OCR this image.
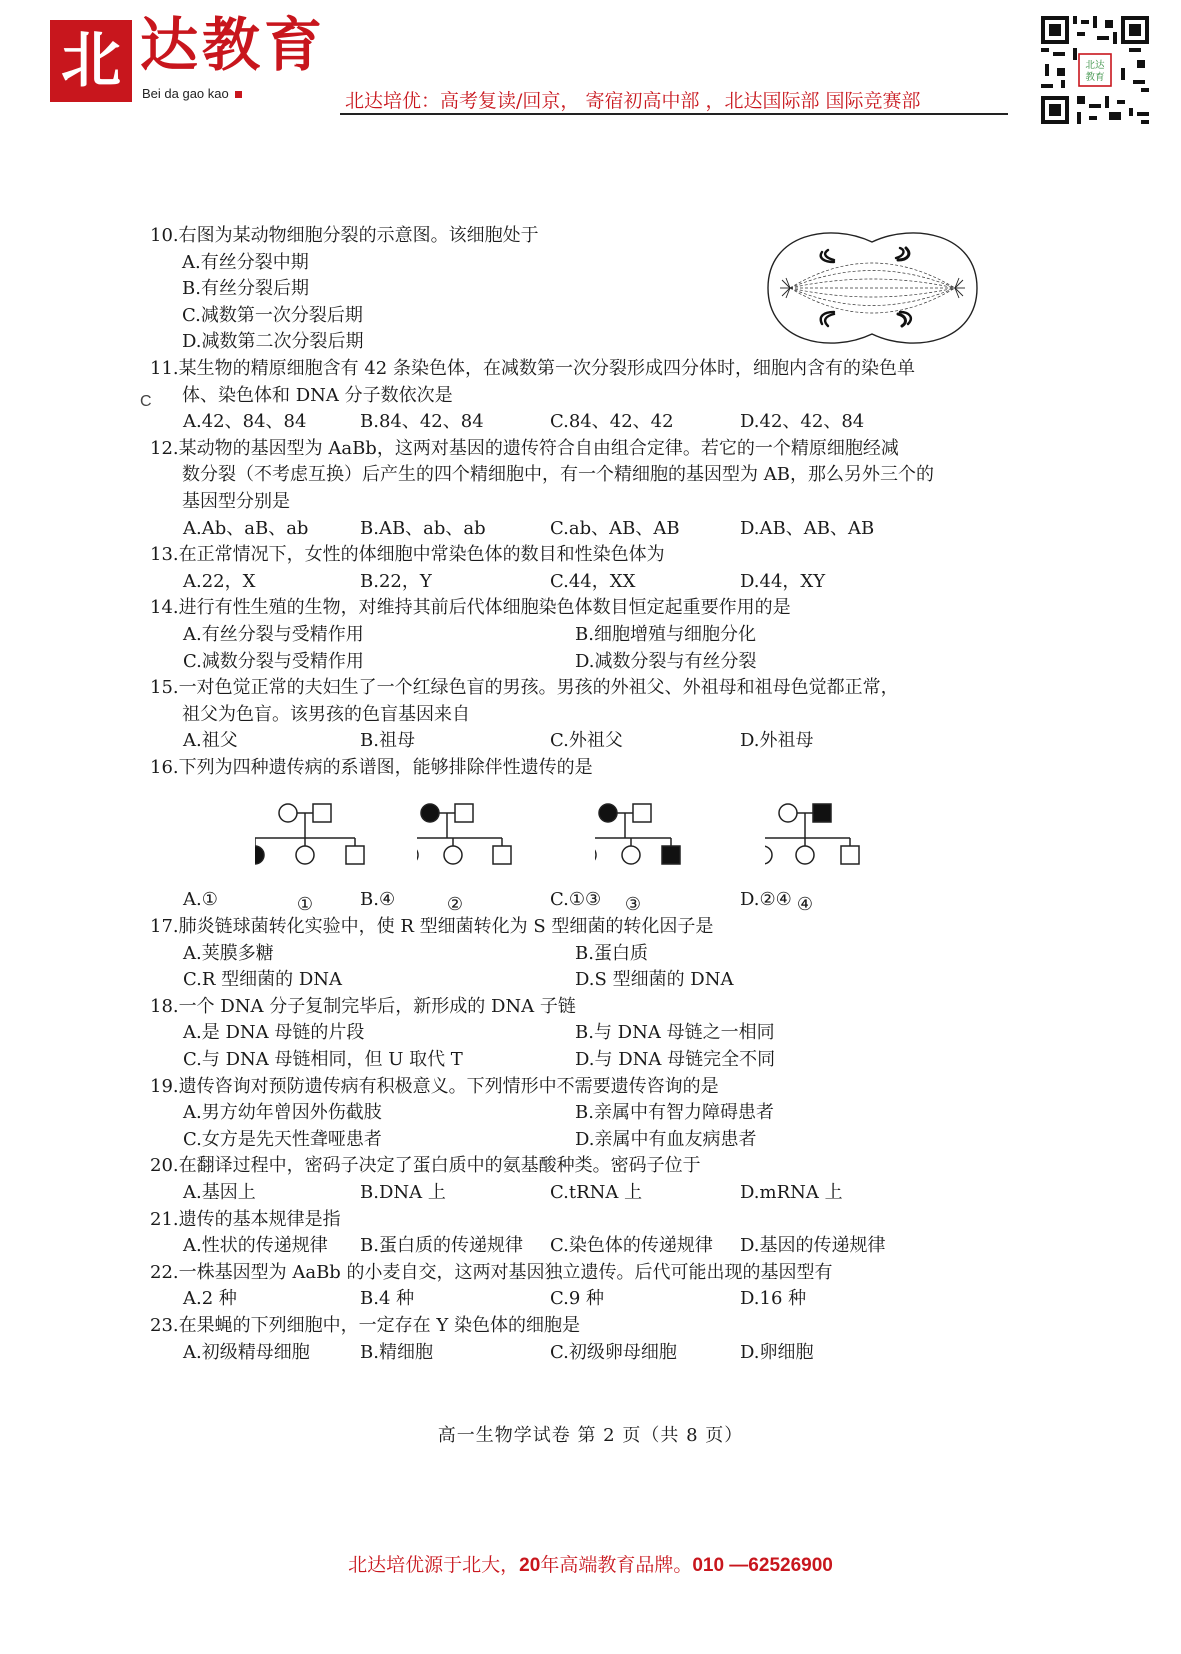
北 达教育
Bei da gao kao	北达培优：高考复读/回京， 寄宿初高中部 ，北达国际部 国际竞赛部
北达
教育
①	②	③	④
C
10.右图为某动物细胞分裂的示意图。该细胞处于
A.有丝分裂中期
B.有丝分裂后期
C.减数第一次分裂后期
D.减数第二次分裂后期
11.某生物的精原细胞含有 42 条染色体，在减数第一次分裂形成四分体时，细胞内含有的染色单
体、染色体和 DNA 分子数依次是
A.42、84、84	B.84、42、84	C.84、42、42	D.42、42、84
12.某动物的基因型为 AaBb，这两对基因的遗传符合自由组合定律。若它的一个精原细胞经减
数分裂（不考虑互换）后产生的四个精细胞中，有一个精细胞的基因型为 AB，那么另外三个的
基因型分别是
A.Ab、aB、ab	B.AB、ab、ab	C.ab、AB、AB	D.AB、AB、AB
13.在正常情况下，女性的体细胞中常染色体的数目和性染色体为
A.22，X	B.22，Y	C.44，XX	D.44，XY
14.进行有性生殖的生物，对维持其前后代体细胞染色体数目恒定起重要作用的是
A.有丝分裂与受精作用	B.细胞增殖与细胞分化
C.减数分裂与受精作用	D.减数分裂与有丝分裂
15.一对色觉正常的夫妇生了一个红绿色盲的男孩。男孩的外祖父、外祖母和祖母色觉都正常，
祖父为色盲。该男孩的色盲基因来自
A.祖父	B.祖母	C.外祖父	D.外祖母
16.下列为四种遗传病的系谱图，能够排除伴性遗传的是
A.①	B.④	C.①③	D.②④
17.肺炎链球菌转化实验中，使 R 型细菌转化为 S 型细菌的转化因子是
A.荚膜多糖	B.蛋白质
C.R 型细菌的 DNA	D.S 型细菌的 DNA
18.一个 DNA 分子复制完毕后，新形成的 DNA 子链
A.是 DNA 母链的片段	B.与 DNA 母链之一相同
C.与 DNA 母链相同，但 U 取代 T	D.与 DNA 母链完全不同
19.遗传咨询对预防遗传病有积极意义。下列情形中不需要遗传咨询的是
A.男方幼年曾因外伤截肢	B.亲属中有智力障碍患者
C.女方是先天性聋哑患者	D.亲属中有血友病患者
20.在翻译过程中，密码子决定了蛋白质中的氨基酸种类。密码子位于
A.基因上	B.DNA 上	C.tRNA 上	D.mRNA 上
21.遗传的基本规律是指
A.性状的传递规律 B.蛋白质的传递规律 C.染色体的传递规律 D.基因的传递规律
22.一株基因型为 AaBb 的小麦自交，这两对基因独立遗传。后代可能出现的基因型有
A.2 种	B.4 种	C.9 种	D.16 种
23.在果蝇的下列细胞中，一定存在 Y 染色体的细胞是
A.初级精母细胞	B.精细胞	C.初级卵母细胞	D.卵细胞
高一生物学试卷 第 2 页（共 8 页）
北达培优源于北大，20年高端教育品牌。010 —62526900
